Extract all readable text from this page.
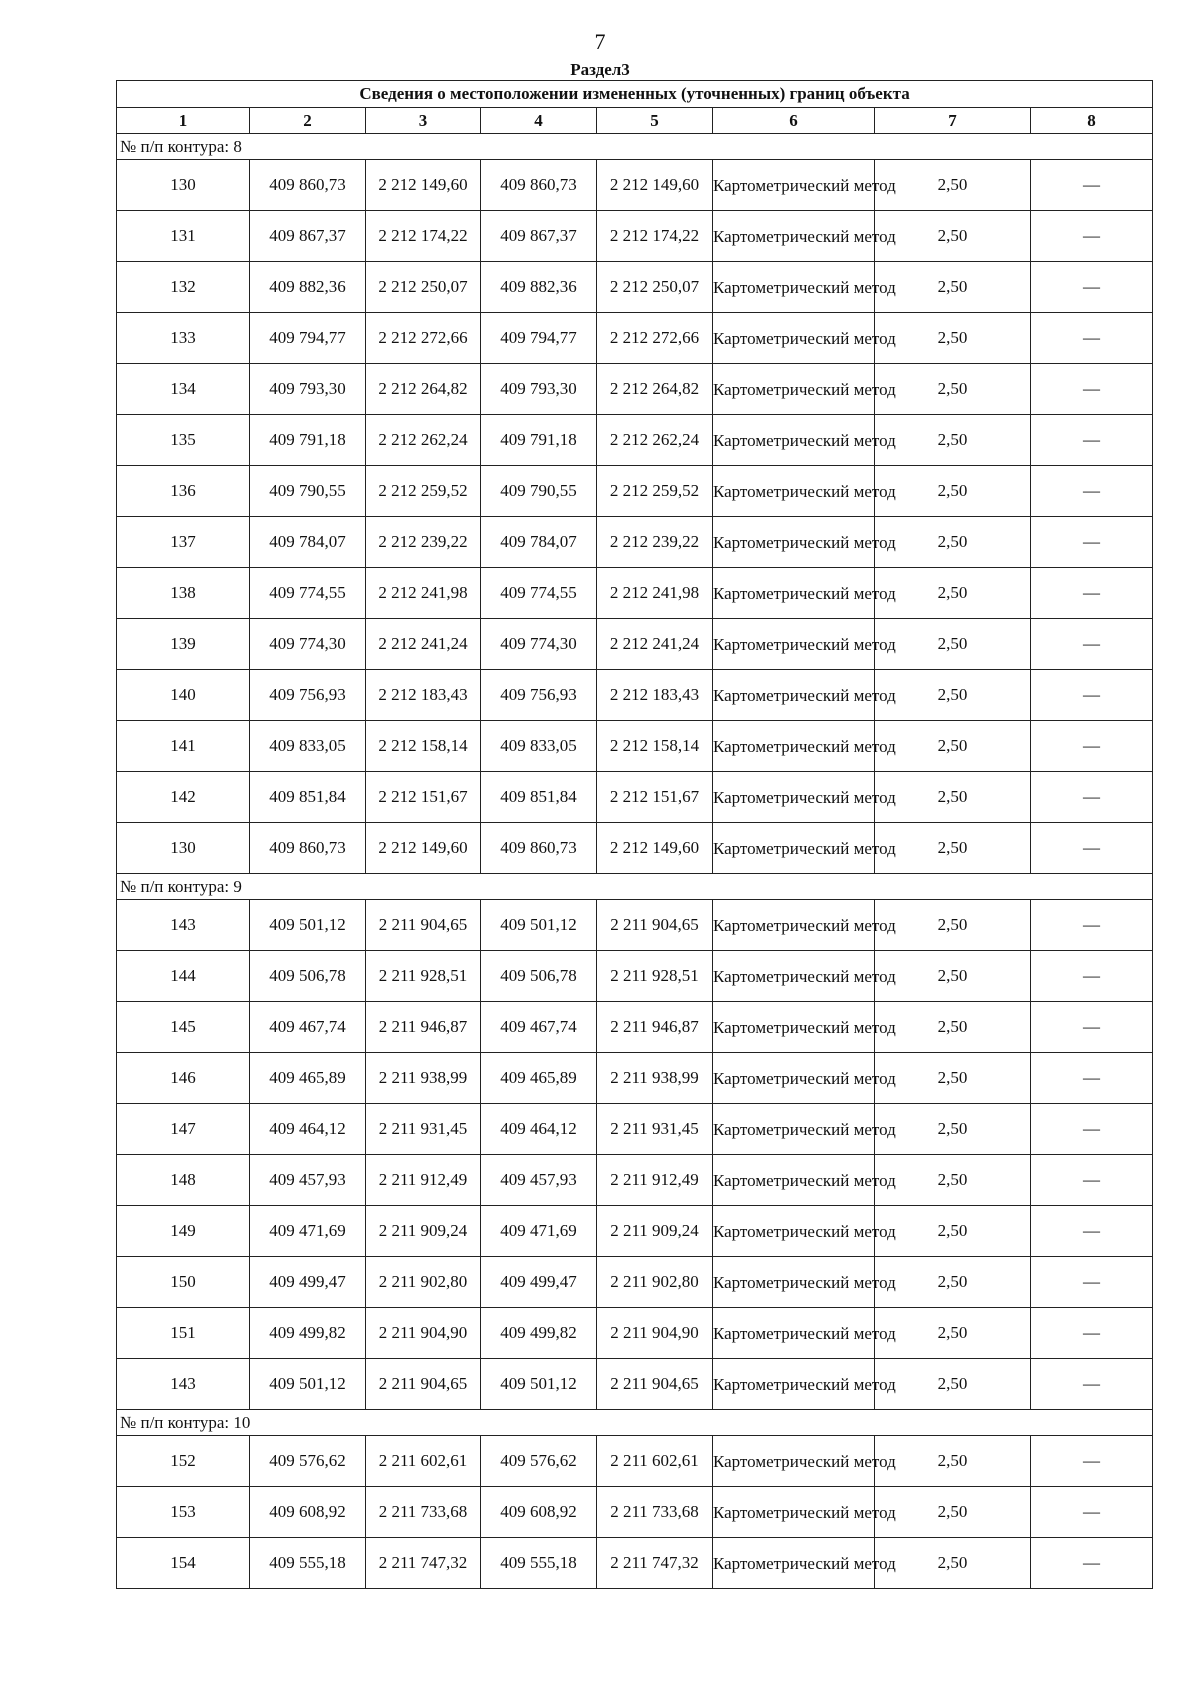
7
Раздел3
Сведения о местоположении измененных (уточненных) границ объекта							
1	2	3	4	5	6	7	8
№ п/п контура: 8							
130	409 860,73	2 212 149,60	409 860,73	2 212 149,60	Картометрический метод	2,50	—
131	409 867,37	2 212 174,22	409 867,37	2 212 174,22	Картометрический метод	2,50	—
132	409 882,36	2 212 250,07	409 882,36	2 212 250,07	Картометрический метод	2,50	—
133	409 794,77	2 212 272,66	409 794,77	2 212 272,66	Картометрический метод	2,50	—
134	409 793,30	2 212 264,82	409 793,30	2 212 264,82	Картометрический метод	2,50	—
135	409 791,18	2 212 262,24	409 791,18	2 212 262,24	Картометрический метод	2,50	—
136	409 790,55	2 212 259,52	409 790,55	2 212 259,52	Картометрический метод	2,50	—
137	409 784,07	2 212 239,22	409 784,07	2 212 239,22	Картометрический метод	2,50	—
138	409 774,55	2 212 241,98	409 774,55	2 212 241,98	Картометрический метод	2,50	—
139	409 774,30	2 212 241,24	409 774,30	2 212 241,24	Картометрический метод	2,50	—
140	409 756,93	2 212 183,43	409 756,93	2 212 183,43	Картометрический метод	2,50	—
141	409 833,05	2 212 158,14	409 833,05	2 212 158,14	Картометрический метод	2,50	—
142	409 851,84	2 212 151,67	409 851,84	2 212 151,67	Картометрический метод	2,50	—
130	409 860,73	2 212 149,60	409 860,73	2 212 149,60	Картометрический метод	2,50	—
№ п/п контура: 9							
143	409 501,12	2 211 904,65	409 501,12	2 211 904,65	Картометрический метод	2,50	—
144	409 506,78	2 211 928,51	409 506,78	2 211 928,51	Картометрический метод	2,50	—
145	409 467,74	2 211 946,87	409 467,74	2 211 946,87	Картометрический метод	2,50	—
146	409 465,89	2 211 938,99	409 465,89	2 211 938,99	Картометрический метод	2,50	—
147	409 464,12	2 211 931,45	409 464,12	2 211 931,45	Картометрический метод	2,50	—
148	409 457,93	2 211 912,49	409 457,93	2 211 912,49	Картометрический метод	2,50	—
149	409 471,69	2 211 909,24	409 471,69	2 211 909,24	Картометрический метод	2,50	—
150	409 499,47	2 211 902,80	409 499,47	2 211 902,80	Картометрический метод	2,50	—
151	409 499,82	2 211 904,90	409 499,82	2 211 904,90	Картометрический метод	2,50	—
143	409 501,12	2 211 904,65	409 501,12	2 211 904,65	Картометрический метод	2,50	—
№ п/п контура: 10							
152	409 576,62	2 211 602,61	409 576,62	2 211 602,61	Картометрический метод	2,50	—
153	409 608,92	2 211 733,68	409 608,92	2 211 733,68	Картометрический метод	2,50	—
154	409 555,18	2 211 747,32	409 555,18	2 211 747,32	Картометрический метод	2,50	—
